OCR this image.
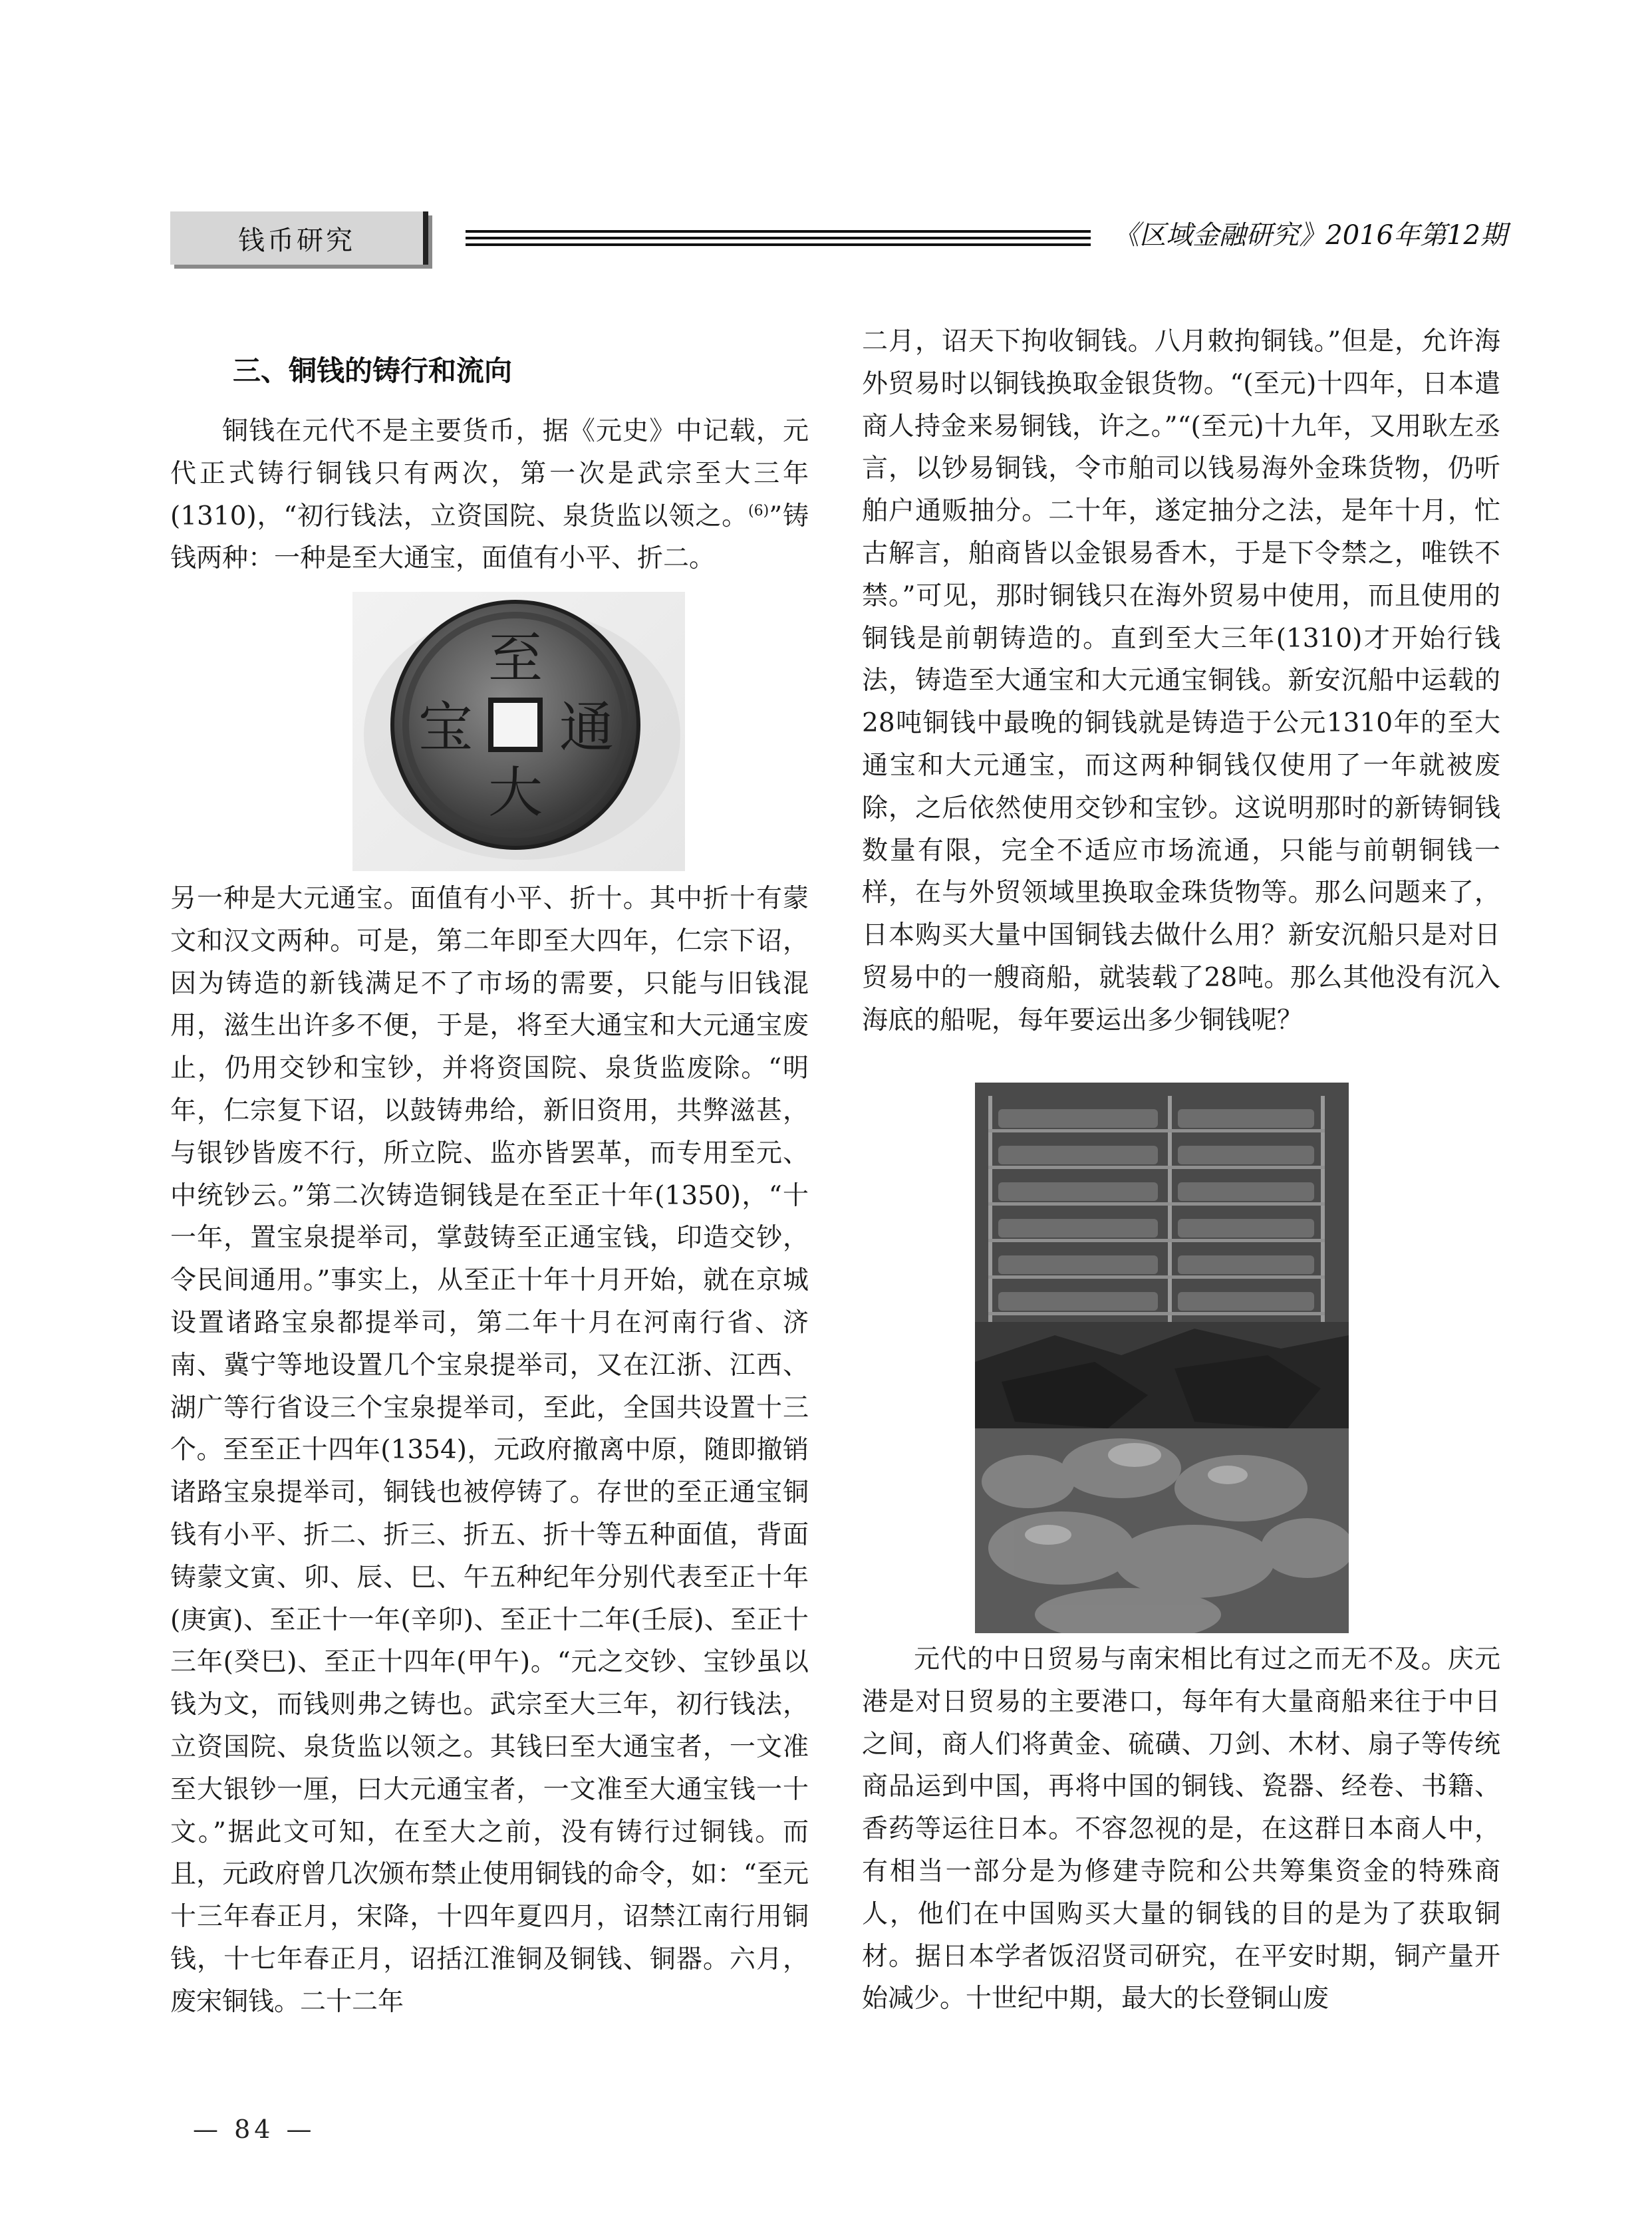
钱币研究	《区域金融研究》2016年第12期
三、铜钱的铸行和流向

铜钱在元代不是主要货币，据《元史》中记载，元代正式铸行铜钱只有两次，第一次是武宗至大三年(1310)，“初行钱法，立资国院、泉货监以领之。$^{(6)}$”铸钱两种：一种是至大通宝，面值有小平、折二。

至
大
通
宝

另一种是大元通宝。面值有小平、折十。其中折十有蒙文和汉文两种。可是，第二年即至大四年，仁宗下诏，因为铸造的新钱满足不了市场的需要，只能与旧钱混用，滋生出许多不便，于是，将至大通宝和大元通宝废止，仍用交钞和宝钞，并将资国院、泉货监废除。“明年，仁宗复下诏，以鼓铸弗给，新旧资用，共弊滋甚，与银钞皆废不行，所立院、监亦皆罢革，而专用至元、中统钞云。”第二次铸造铜钱是在至正十年(1350)，“十一年，置宝泉提举司，掌鼓铸至正通宝钱，印造交钞，令民间通用。”事实上，从至正十年十月开始，就在京城设置诸路宝泉都提举司，第二年十月在河南行省、济南、冀宁等地设置几个宝泉提举司，又在江浙、江西、湖广等行省设三个宝泉提举司，至此，全国共设置十三个。至至正十四年(1354)，元政府撤离中原，随即撤销诸路宝泉提举司，铜钱也被停铸了。存世的至正通宝铜钱有小平、折二、折三、折五、折十等五种面值，背面铸蒙文寅、卯、辰、巳、午五种纪年分别代表至正十年(庚寅)、至正十一年(辛卯)、至正十二年(壬辰)、至正十三年(癸巳)、至正十四年(甲午)。“元之交钞、宝钞虽以钱为文，而钱则弗之铸也。武宗至大三年，初行钱法，立资国院、泉货监以领之。其钱曰至大通宝者，一文准至大银钞一厘，曰大元通宝者，一文准至大通宝钱一十文。”据此文可知，在至大之前，没有铸行过铜钱。而且，元政府曾几次颁布禁止使用铜钱的命令，如：“至元十三年春正月，宋降，十四年夏四月，诏禁江南行用铜钱，十七年春正月，诏括江淮铜及铜钱、铜器。六月，废宋铜钱。二十二年

二月，诏天下拘收铜钱。八月敕拘铜钱。”但是，允许海外贸易时以铜钱换取金银货物。“(至元)十四年，日本遣商人持金来易铜钱，许之。”“(至元)十九年，又用耿左丞言，以钞易铜钱，令市舶司以钱易海外金珠货物，仍听舶户通贩抽分。二十年，遂定抽分之法，是年十月，忙古解言，舶商皆以金银易香木，于是下令禁之，唯铁不禁。”可见，那时铜钱只在海外贸易中使用，而且使用的铜钱是前朝铸造的。直到至大三年(1310)才开始行钱法，铸造至大通宝和大元通宝铜钱。新安沉船中运载的28吨铜钱中最晚的铜钱就是铸造于公元1310年的至大通宝和大元通宝，而这两种铜钱仅使用了一年就被废除，之后依然使用交钞和宝钞。这说明那时的新铸铜钱数量有限，完全不适应市场流通，只能与前朝铜钱一样，在与外贸领域里换取金珠货物等。那么问题来了，日本购买大量中国铜钱去做什么用？新安沉船只是对日贸易中的一艘商船，就装载了28吨。那么其他没有沉入海底的船呢，每年要运出多少铜钱呢？

元代的中日贸易与南宋相比有过之而无不及。庆元港是对日贸易的主要港口，每年有大量商船来往于中日之间，商人们将黄金、硫磺、刀剑、木材、扇子等传统商品运到中国，再将中国的铜钱、瓷器、经卷、书籍、香药等运往日本。不容忽视的是，在这群日本商人中，有相当一部分是为修建寺院和公共筹集资金的特殊商人，他们在中国购买大量的铜钱的目的是为了获取铜材。据日本学者饭沼贤司研究，在平安时期，铜产量开始减少。十世纪中期，最大的长登铜山废

— 84 —
